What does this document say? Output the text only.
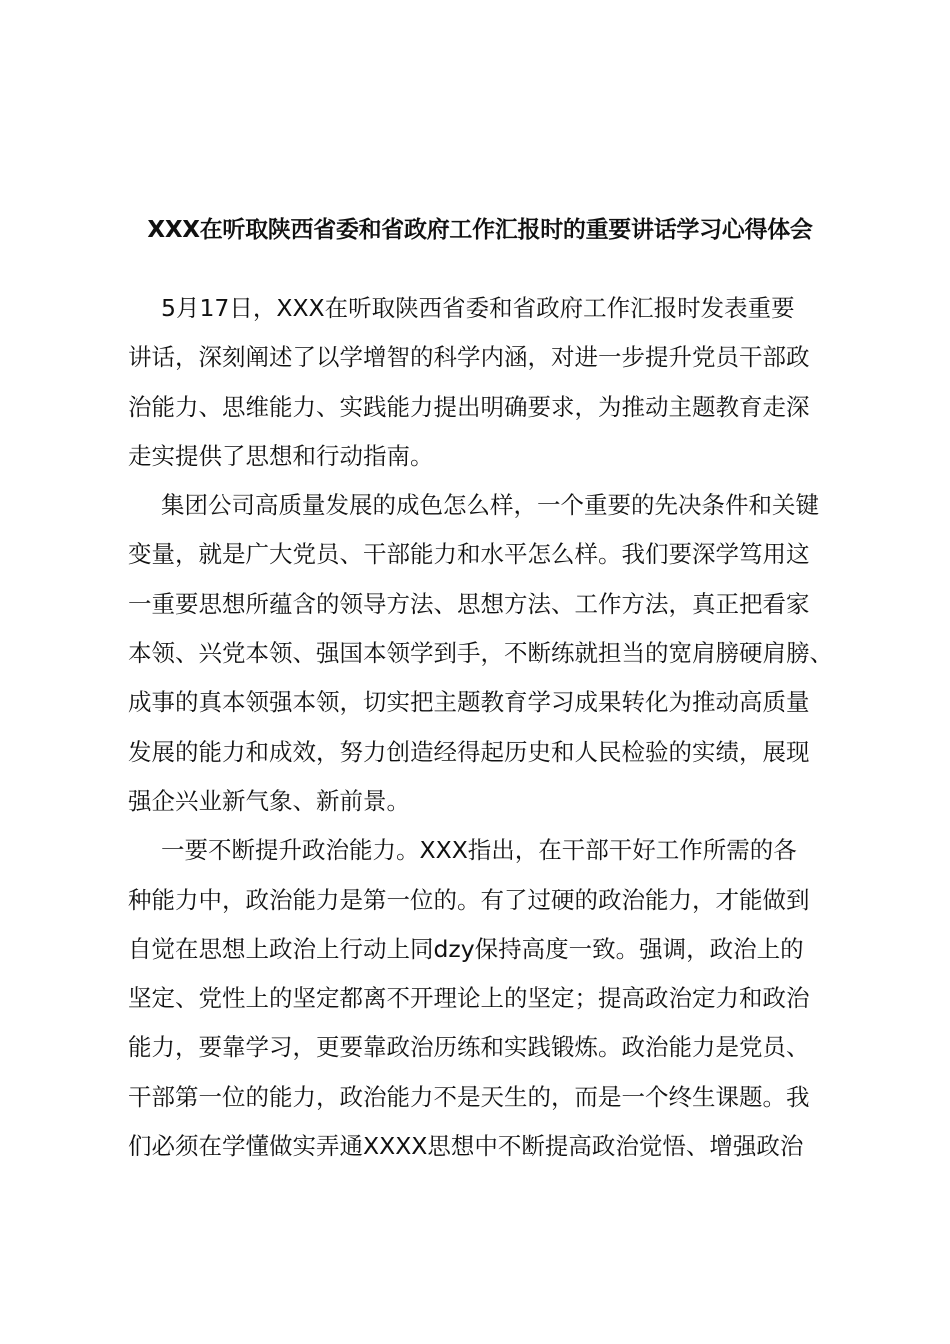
XXX在听取陕西省委和省政府工作汇报时的重要讲话学习心得体会

5月17日，XXX在听取陕西省委和省政府工作汇报时发表重要
讲话，深刻阐述了以学增智的科学内涵，对进一步提升党员干部政
治能力、思维能力、实践能力提出明确要求，为推动主题教育走深
走实提供了思想和行动指南。

集团公司高质量发展的成色怎么样，一个重要的先决条件和关键
变量，就是广大党员、干部能力和水平怎么样。我们要深学笃用这
一重要思想所蕴含的领导方法、思想方法、工作方法，真正把看家
本领、兴党本领、强国本领学到手，不断练就担当的宽肩膀硬肩膀、
成事的真本领强本领，切实把主题教育学习成果转化为推动高质量
发展的能力和成效，努力创造经得起历史和人民检验的实绩，展现
强企兴业新气象、新前景。

一要不断提升政治能力。XXX指出，在干部干好工作所需的各
种能力中，政治能力是第一位的。有了过硬的政治能力，才能做到
自觉在思想上政治上行动上同dzy保持高度一致。强调，政治上的
坚定、党性上的坚定都离不开理论上的坚定；提高政治定力和政治
能力，要靠学习，更要靠政治历练和实践锻炼。政治能力是党员、
干部第一位的能力，政治能力不是天生的，而是一个终生课题。我
们必须在学懂做实弄通XXXX思想中不断提高政治觉悟、增强政治
